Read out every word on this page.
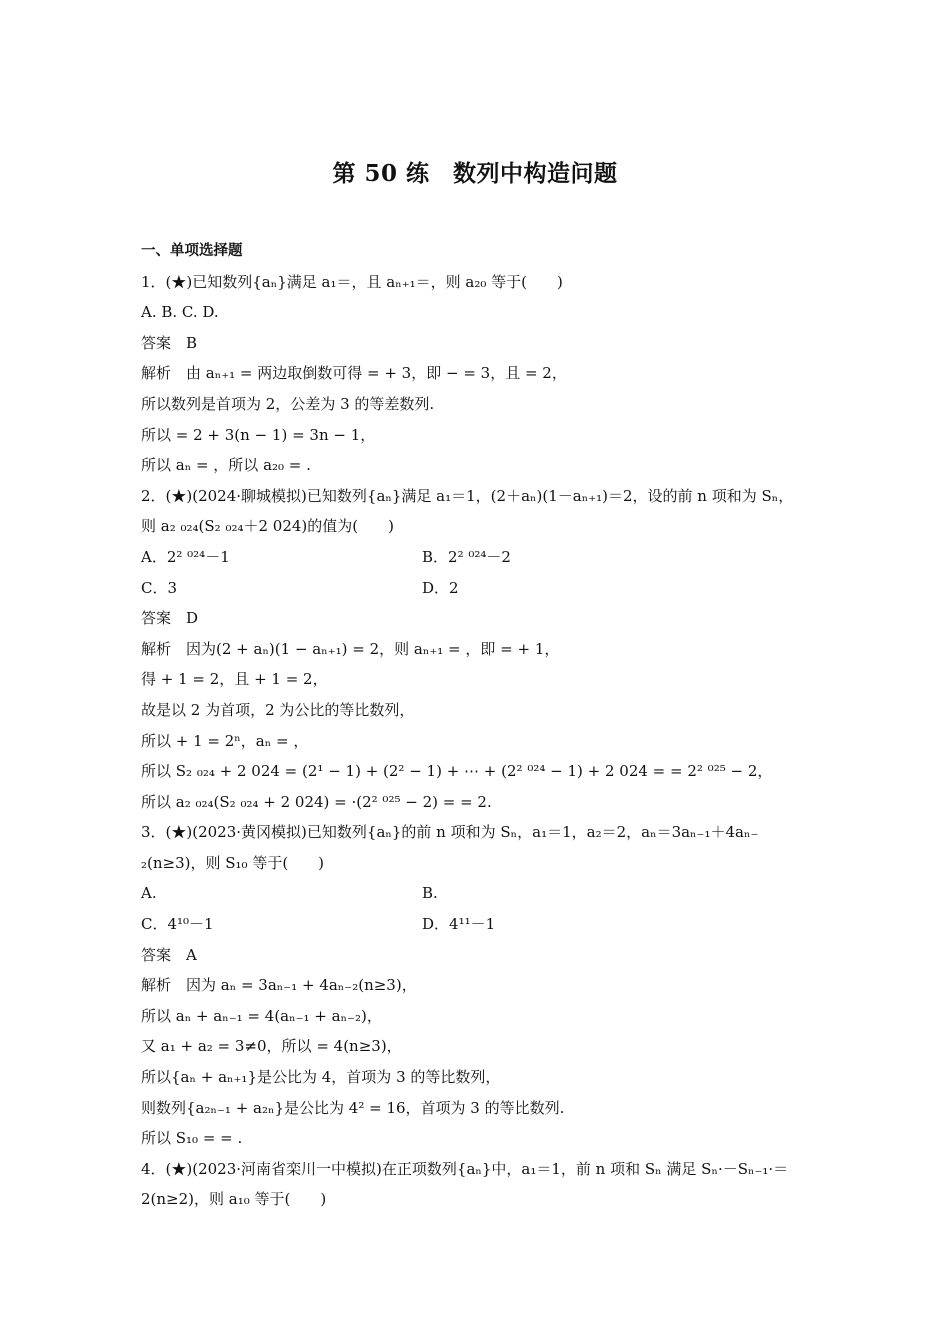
第 50 练　数列中构造问题
一、单项选择题
1．(★)已知数列{aₙ}满足 a₁＝，且 aₙ₊₁＝，则 a₂₀ 等于(　　)
A. B. C. D.
答案　B
解析　由 aₙ₊₁ = 两边取倒数可得 = + 3，即 − = 3，且 = 2，
所以数列是首项为 2，公差为 3 的等差数列.
所以 = 2 + 3(n − 1) = 3n − 1，
所以 aₙ = ，所以 a₂₀ = .
2．(★)(2024·聊城模拟)已知数列{aₙ}满足 a₁＝1，(2＋aₙ)(1－aₙ₊₁)＝2，设的前 n 项和为 Sₙ，
则 a₂ ₀₂₄(S₂ ₀₂₄＋2 024)的值为(　　)
A．2² ⁰²⁴－1	B．2² ⁰²⁴－2
C．3	D．2
答案　D
解析　因为(2 + aₙ)(1 − aₙ₊₁) = 2，则 aₙ₊₁ = ，即 = + 1，
得 + 1 = 2，且 + 1 = 2，
故是以 2 为首项，2 为公比的等比数列，
所以 + 1 = 2ⁿ，aₙ = ，
所以 S₂ ₀₂₄ + 2 024 = (2¹ − 1) + (2² − 1) + ⋯ + (2² ⁰²⁴ − 1) + 2 024 = = 2² ⁰²⁵ − 2，
所以 a₂ ₀₂₄(S₂ ₀₂₄ + 2 024) = ·(2² ⁰²⁵ − 2) = = 2.
3．(★)(2023·黄冈模拟)已知数列{aₙ}的前 n 项和为 Sₙ，a₁＝1，a₂＝2，aₙ＝3aₙ₋₁＋4aₙ₋
₂(n≥3)，则 S₁₀ 等于(　　)
A.	B.
C．4¹⁰－1	D．4¹¹－1
答案　A
解析　因为 aₙ = 3aₙ₋₁ + 4aₙ₋₂(n≥3)，
所以 aₙ + aₙ₋₁ = 4(aₙ₋₁ + aₙ₋₂)，
又 a₁ + a₂ = 3≠0，所以 = 4(n≥3)，
所以{aₙ + aₙ₊₁}是公比为 4，首项为 3 的等比数列，
则数列{a₂ₙ₋₁ + a₂ₙ}是公比为 4² = 16，首项为 3 的等比数列.
所以 S₁₀ = = .
4．(★)(2023·河南省栾川一中模拟)在正项数列{aₙ}中，a₁＝1，前 n 项和 Sₙ 满足 Sₙ·－Sₙ₋₁·＝
2(n≥2)，则 a₁₀ 等于(　　)
